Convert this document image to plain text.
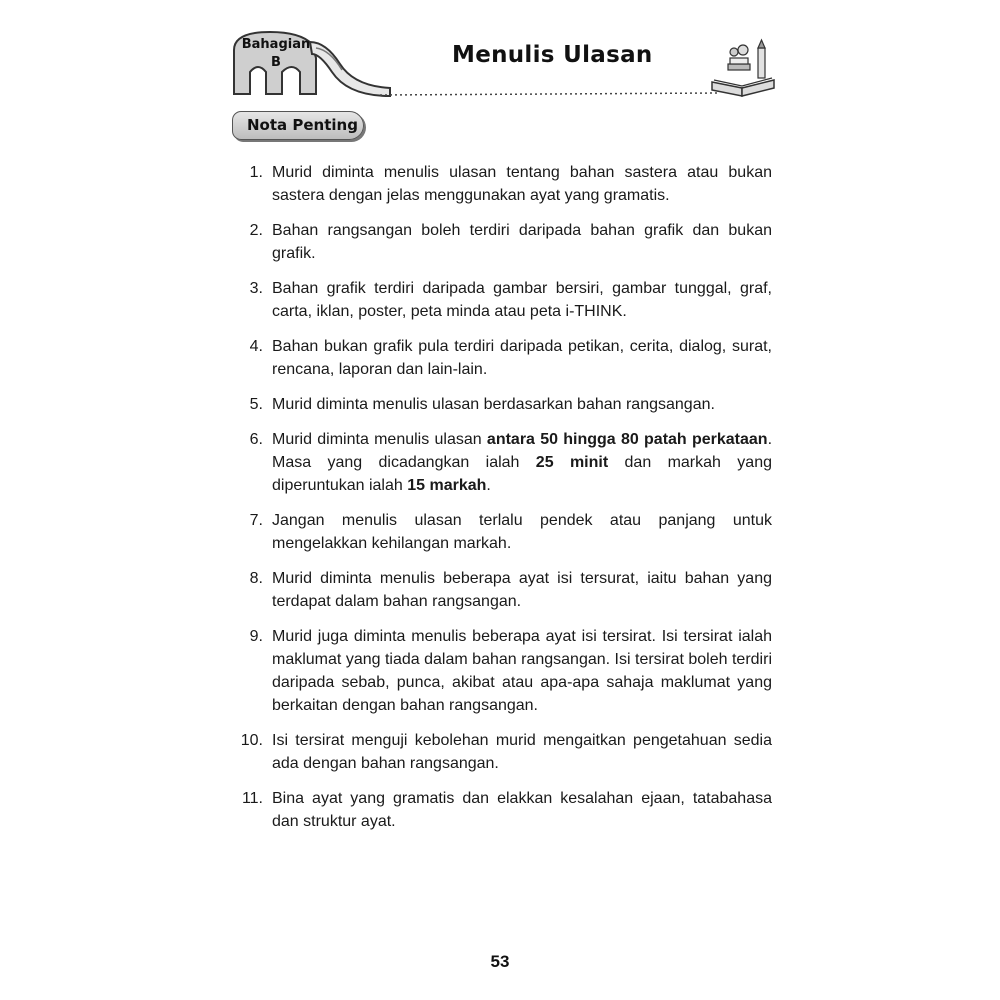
Bahagian
B	Menulis Ulasan
Nota Penting
1. Murid diminta menulis ulasan tentang bahan sastera atau bukan sastera dengan jelas menggunakan ayat yang gramatis.
2. Bahan rangsangan boleh terdiri daripada bahan grafik dan bukan grafik.
3. Bahan grafik terdiri daripada gambar bersiri, gambar tunggal, graf, carta, iklan, poster, peta minda atau peta i-THINK.
4. Bahan bukan grafik pula terdiri daripada petikan, cerita, dialog, surat, rencana, laporan dan lain-lain.
5. Murid diminta menulis ulasan berdasarkan bahan rangsangan.
6. Murid diminta menulis ulasan antara 50 hingga 80 patah perkataan. Masa yang dicadangkan ialah 25 minit dan markah yang diperuntukan ialah 15 markah.
7. Jangan menulis ulasan terlalu pendek atau panjang untuk mengelakkan kehilangan markah.
8. Murid diminta menulis beberapa ayat isi tersurat, iaitu bahan yang terdapat dalam bahan rangsangan.
9. Murid juga diminta menulis beberapa ayat isi tersirat. Isi tersirat ialah maklumat yang tiada dalam bahan rangsangan. Isi tersirat boleh terdiri daripada sebab, punca, akibat atau apa-apa sahaja maklumat yang berkaitan dengan bahan rangsangan.
10. Isi tersirat menguji kebolehan murid mengaitkan pengetahuan sedia ada dengan bahan rangsangan.
11. Bina ayat yang gramatis dan elakkan kesalahan ejaan, tatabahasa dan struktur ayat.
53
